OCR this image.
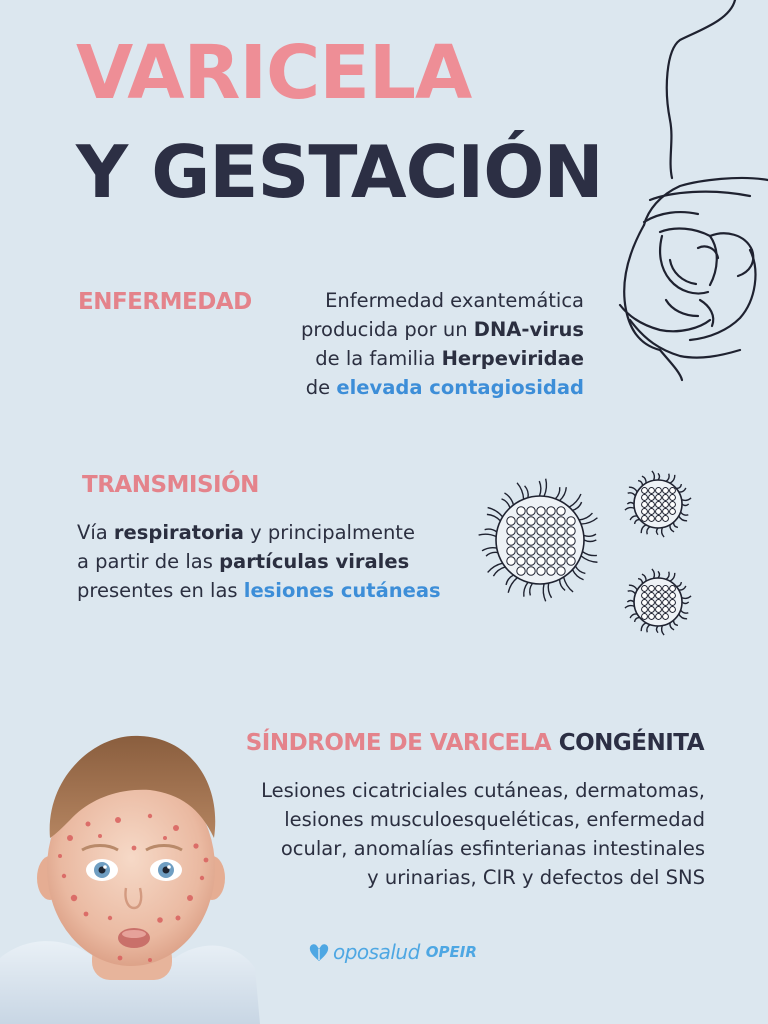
VARICELA
Y GESTACIÓN
ENFERMEDAD	Enfermedad exantemática
producida por un DNA-virus
de la familia Herpeviridae
de elevada contagiosidad
TRANSMISIÓN
Vía respiratoria y principalmente
a partir de las partículas virales
presentes en las lesiones cutáneas
SÍNDROME DE VARICELA CONGÉNITA
Lesiones cicatriciales cutáneas, dermatomas,
lesiones musculoesqueléticas, enfermedad
ocular, anomalías esfinterianas intestinales
y urinarias, CIR y defectos del SNS
oposalud OPEIR
